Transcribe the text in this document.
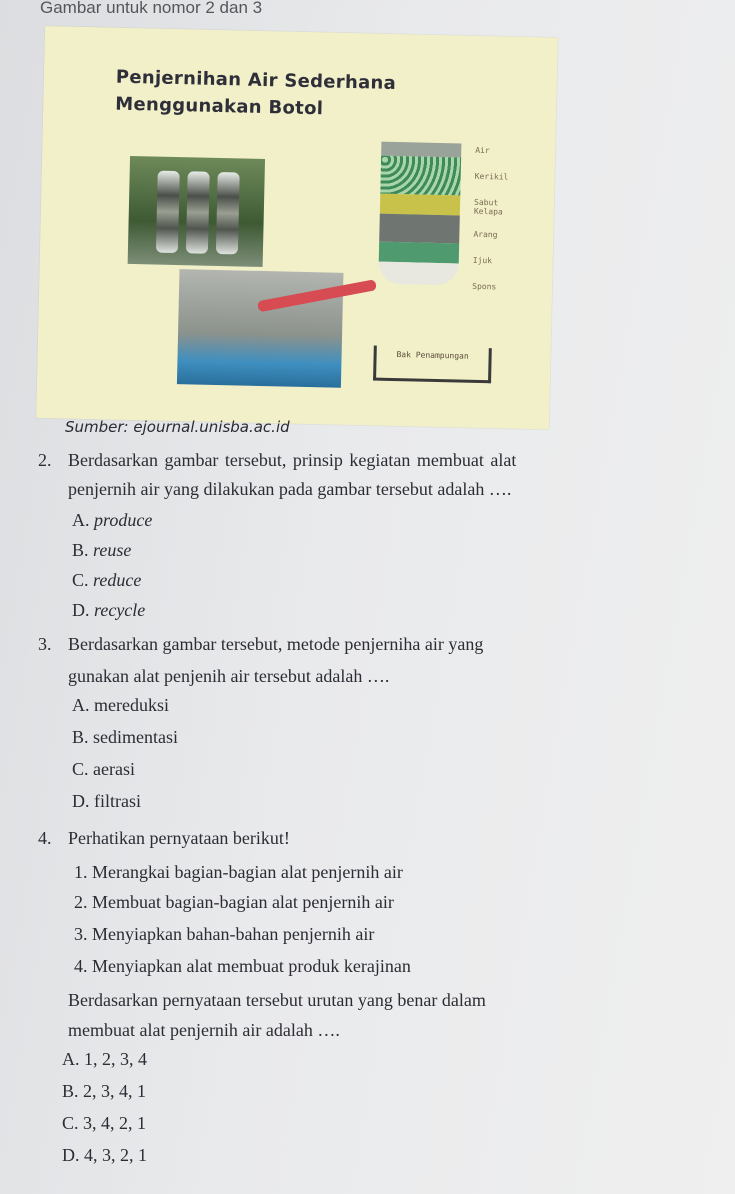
Gambar untuk nomor 2 dan 3
Penjernihan Air Sederhana
Menggunakan Botol
Air
Kerikil
Sabut Kelapa
Arang
Ijuk
Spons
Bak Penampungan
Sumber: ejournal.unisba.ac.id
2. Berdasarkan gambar tersebut, prinsip kegiatan membuat alat
penjernih air yang dilakukan pada gambar tersebut adalah ….
A. produce
B. reuse
C. reduce
D. recycle
3. Berdasarkan gambar tersebut, metode penjerniha air yang
gunakan alat penjenih air tersebut adalah ….
A. mereduksi
B. sedimentasi
C. aerasi
D. filtrasi
4. Perhatikan pernyataan berikut!
1. Merangkai bagian-bagian alat penjernih air
2. Membuat bagian-bagian alat penjernih air
3. Menyiapkan bahan-bahan penjernih air
4. Menyiapkan alat membuat produk kerajinan
Berdasarkan pernyataan tersebut urutan yang benar dalam
membuat alat penjernih air adalah ….
A. 1, 2, 3, 4
B. 2, 3, 4, 1
C. 3, 4, 2, 1
D. 4, 3, 2, 1
